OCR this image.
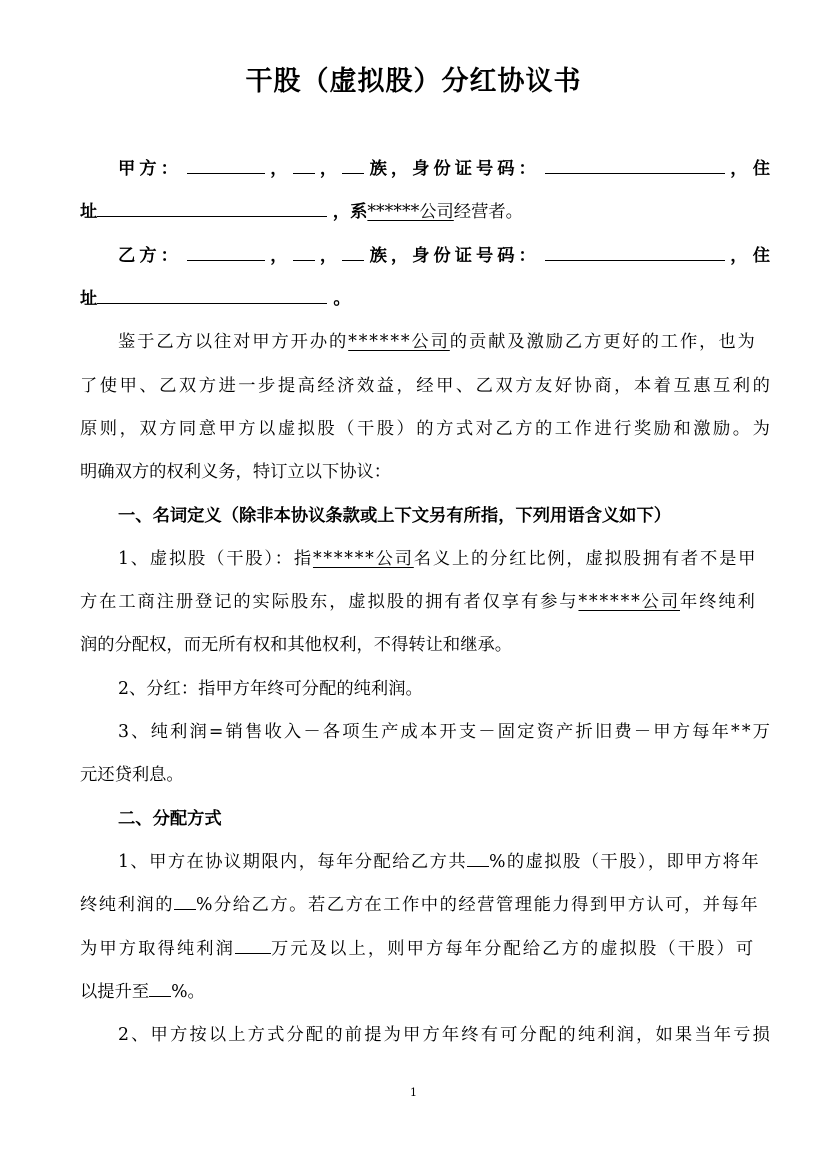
干股（虚拟股）分红协议书
甲方：	， ， 族，身份证号码：	， 住
址	，系******公司经营者。
乙方：	， ， 族，身份证号码：	， 住
址	。
鉴于乙方以往对甲方开办的******公司的贡献及激励乙方更好的工作，也为
了使甲、乙双方进一步提高经济效益，经甲、乙双方友好协商，本着互惠互利的
原则，双方同意甲方以虚拟股（干股）的方式对乙方的工作进行奖励和激励。为
明确双方的权利义务，特订立以下协议：
一、名词定义（除非本协议条款或上下文另有所指，下列用语含义如下）
1、虚拟股（干股）：指******公司名义上的分红比例，虚拟股拥有者不是甲
方在工商注册登记的实际股东，虚拟股的拥有者仅享有参与******公司年终纯利
润的分配权，而无所有权和其他权利，不得转让和继承。
2、分红：指甲方年终可分配的纯利润。
3、纯利润=销售收入－各项生产成本开支－固定资产折旧费－甲方每年**万
元还贷利息。
二、分配方式
1、甲方在协议期限内，每年分配给乙方共 %的虚拟股（干股），即甲方将年
终纯利润的 %分给乙方。若乙方在工作中的经营管理能力得到甲方认可，并每年
为甲方取得纯利润 万元及以上，则甲方每年分配给乙方的虚拟股（干股）可
以提升至 %。
2、甲方按以上方式分配的前提为甲方年终有可分配的纯利润，如果当年亏损
1
